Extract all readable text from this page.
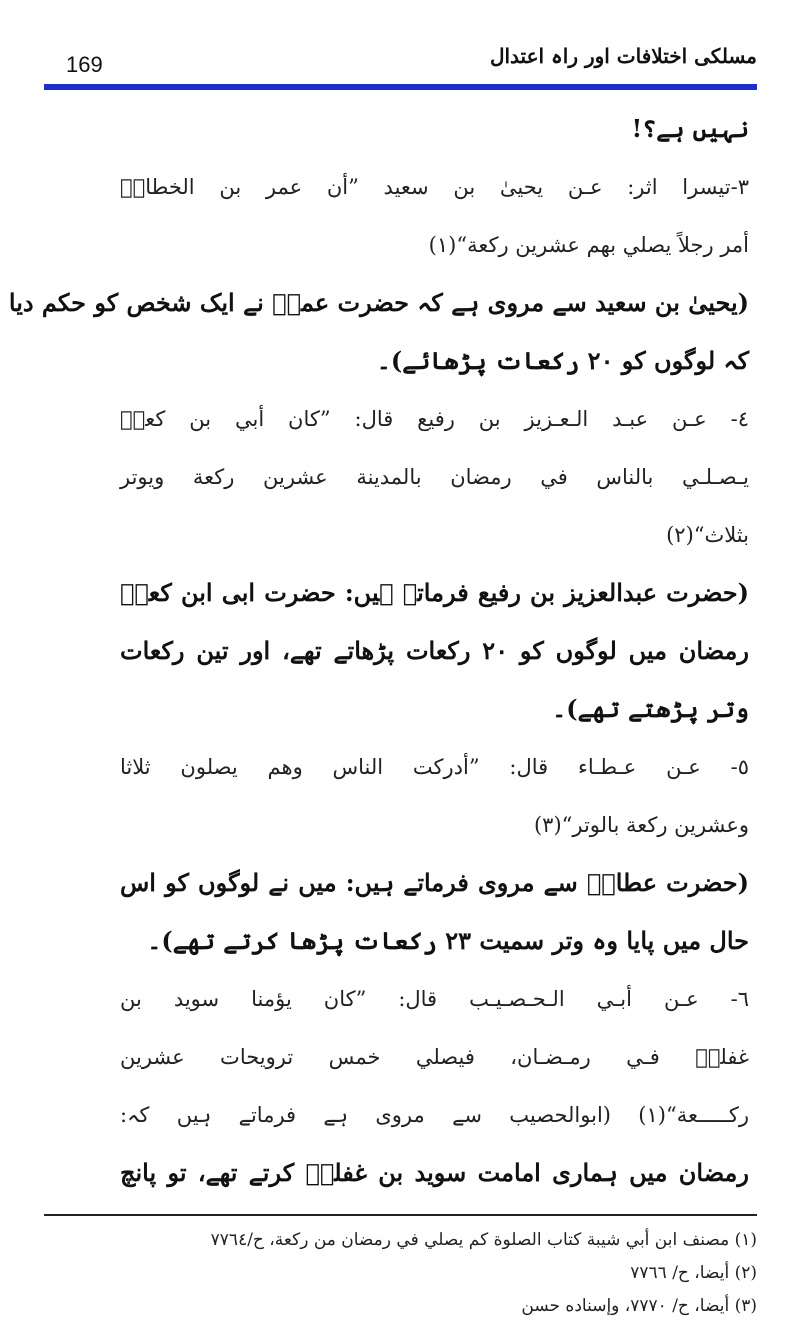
169	مسلکی اختلافات اور راہ اعتدال
نہیں ہے؟!
۳-تیسرا اثر: عـن يحيىٰ بن سعيد ”أن عمر بن الخطابؓ
أمر رجلاً يصلي بهم عشرين ركعة“(١)
(یحییٰ بن سعید سے مروی ہے کہ حضرت عمرؓ نے ایک شخص کو حکم دیا
کہ لوگوں کو ۲۰ رکعات پڑھائے)۔
٤- عـن عبـد الـعـزيز بن رفيع قال: ”كان أبي بن كعبؓ
يـصـلـي بالناس في رمضان بالمدينة عشرين ركعة ويوتر
بثلاث“(٢)
(حضرت عبدالعزیز بن رفیع فرماتے ہیں: حضرت ابی ابن کعبؓ
رمضان میں لوگوں کو ۲۰ رکعات پڑھاتے تھے، اور تین رکعات
وتر پڑھتے تھے)۔
٥- عـن عـطـاء قال: ”أدركت الناس وهم يصلون ثلاثا
وعشرين ركعة بالوتر“(٣)
(حضرت عطاءؒ سے مروی فرماتے ہیں: میں نے لوگوں کو اس
حال میں پایا وہ وتر سمیت ۲۳ رکعات پڑھا کرتے تھے)۔
٦- عـن أبـي الـحـصـيـب قال: ”كان يؤمنا سويد بن
غفلةؓ فـي رمـضـان، فيصلي خمس ترويحات عشرين
ركـــــعة“(١) (ابوالحصیب سے مروی ہے فرماتے ہیں کہ:
رمضان میں ہماری امامت سوید بن غفلہؓ کرتے تھے، تو پانچ
(١) مصنف ابن أبي شيبة كتاب الصلوة كم يصلي في رمضان من ركعة، ح/٧٧٦٤
(٢) أيضا، ح/ ٧٧٦٦
(٣) أيضا، ح/ ٧٧٧٠، وإسناده حسن
